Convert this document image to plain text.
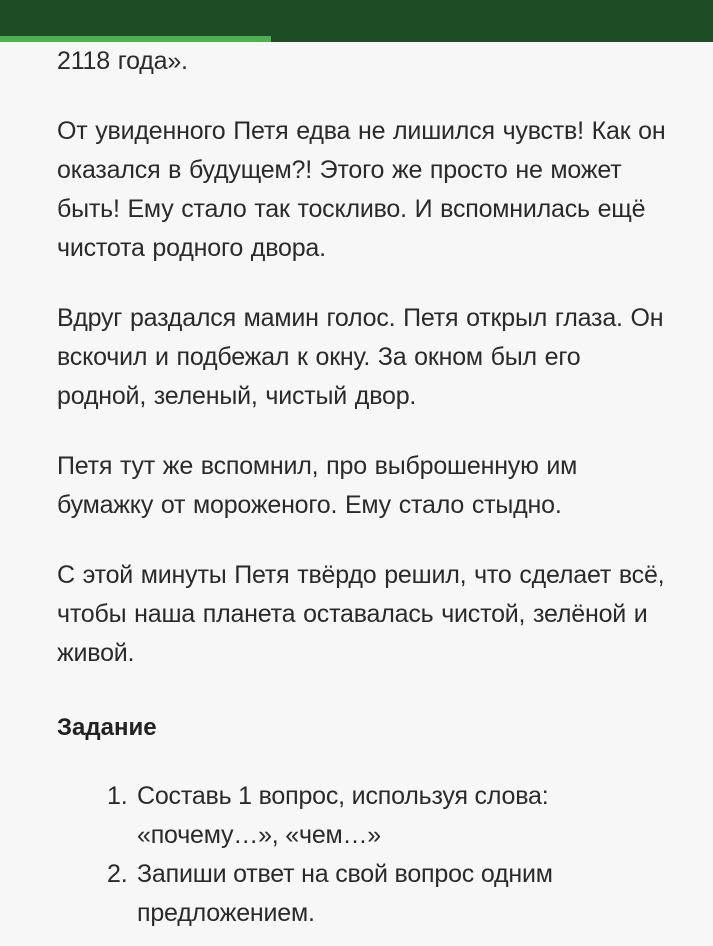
2118 года».

От увиденного Петя едва не лишился чувств! Как он оказался в будущем?! Этого же просто не может быть! Ему стало так тоскливо. И вспомнилась ещё чистота родного двора.

Вдруг раздался мамин голос. Петя открыл глаза. Он вскочил и подбежал к окну. За окном был его родной, зеленый, чистый двор.

Петя тут же вспомнил, про выброшенную им бумажку от мороженого. Ему стало стыдно.

С этой минуты Петя твёрдо решил, что сделает всё, чтобы наша планета оставалась чистой, зелёной и живой.

Задание
1. Составь 1 вопрос, используя слова: «почему…», «чем…»
2. Запиши ответ на свой вопрос одним предложением.
